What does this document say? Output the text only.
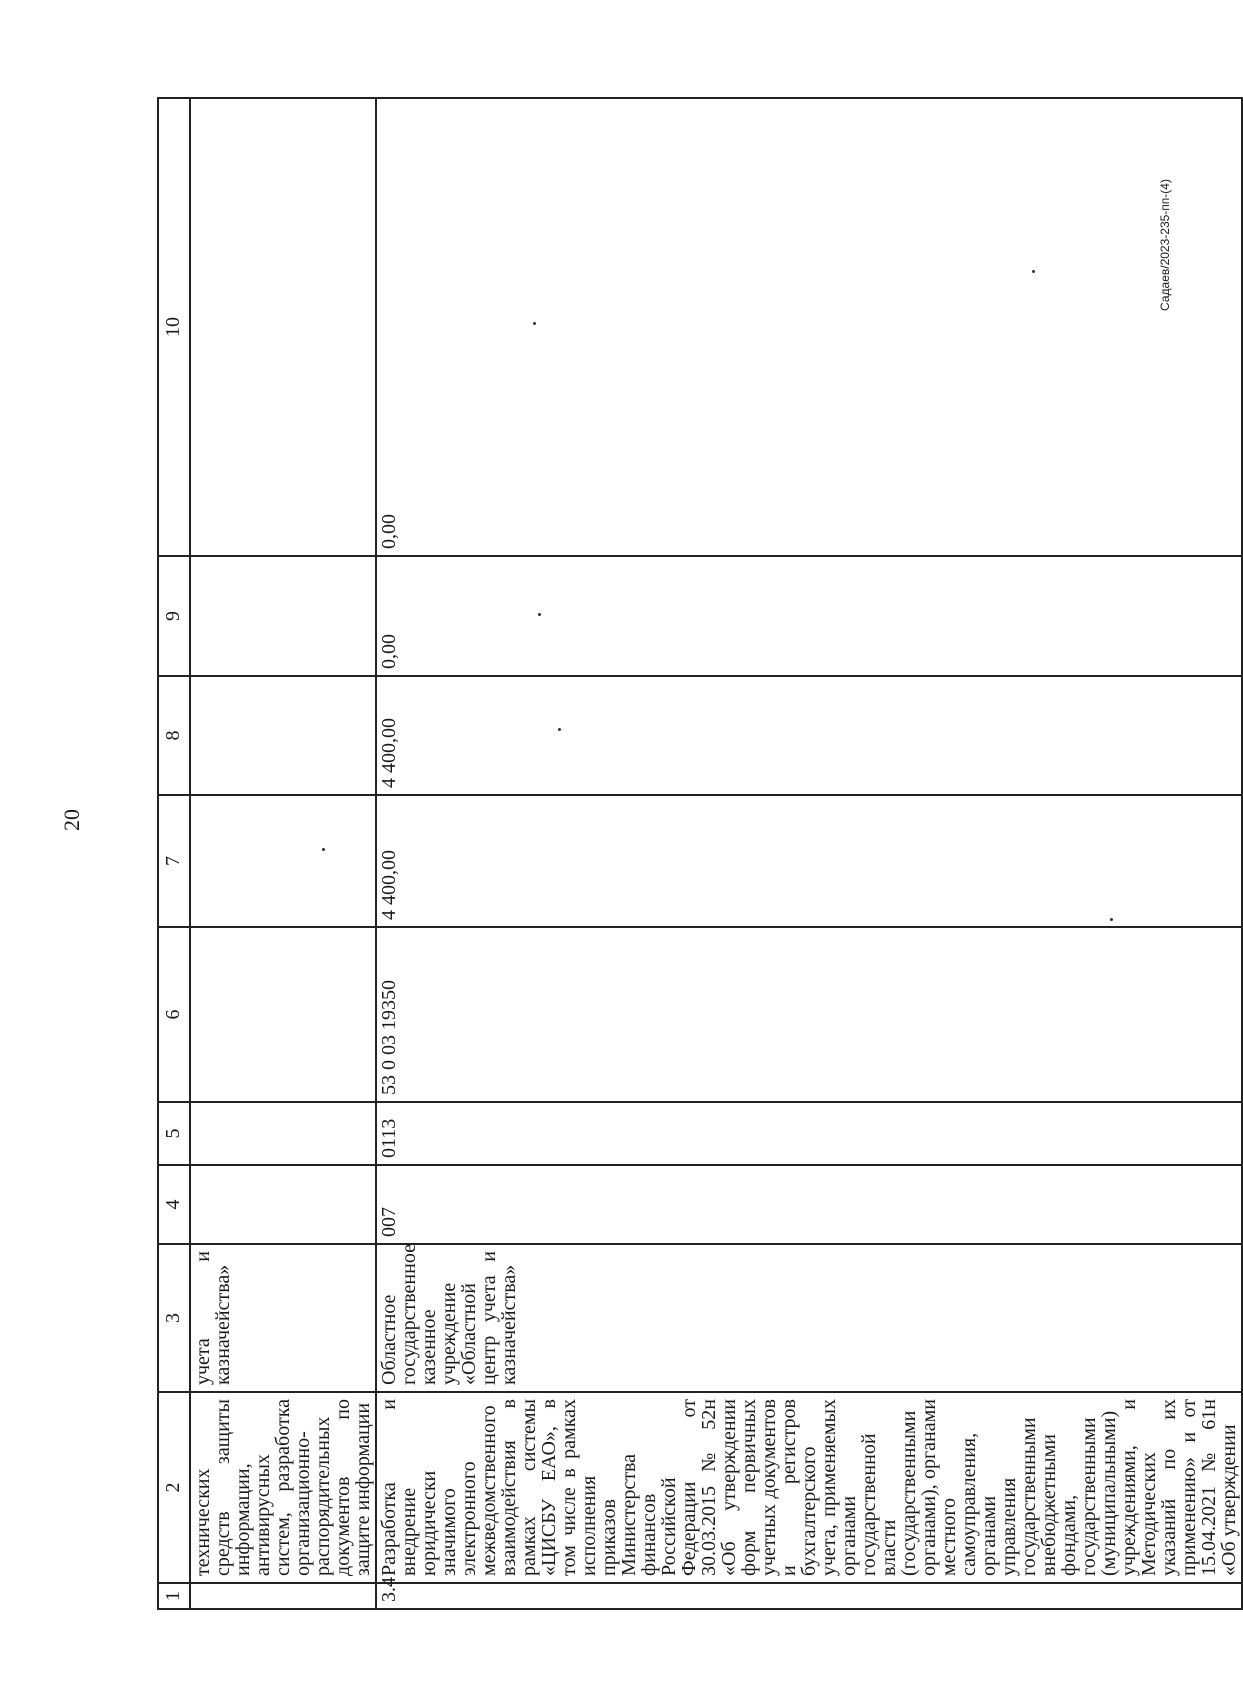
20
Садаев/2023-235-пп-(4)
1	2	3	4	5	6	7	8	9	10
	технических средств защиты информации, антивирусных систем, разработка организационно-распорядительных документов по защите информации	учета и казначейства»							
3.4	Разработка и внедрение юридически значимого электронного межведомственного взаимодействия в рамках системы «ЦИСБУ ЕАО», в том числе в рамках исполнения приказов Министерства финансов Российской Федерации от 30.03.2015 № 52н «Об утверждении форм первичных учетных документов и регистров бухгалтерского учета, применяемых органами государственной власти (государственными органами), органами местного самоуправления, органами управления государственными внебюджетными фондами, государственными (муниципальными) учреждениями, и Методических указаний по их применению» и от 15.04.2021 № 61н «Об утверждении	Областное государственное казенное учреждение «Областной центр учета и казначейства»	007	0113	53 0 03 19350	4 400,00	4 400,00	0,00	0,00
